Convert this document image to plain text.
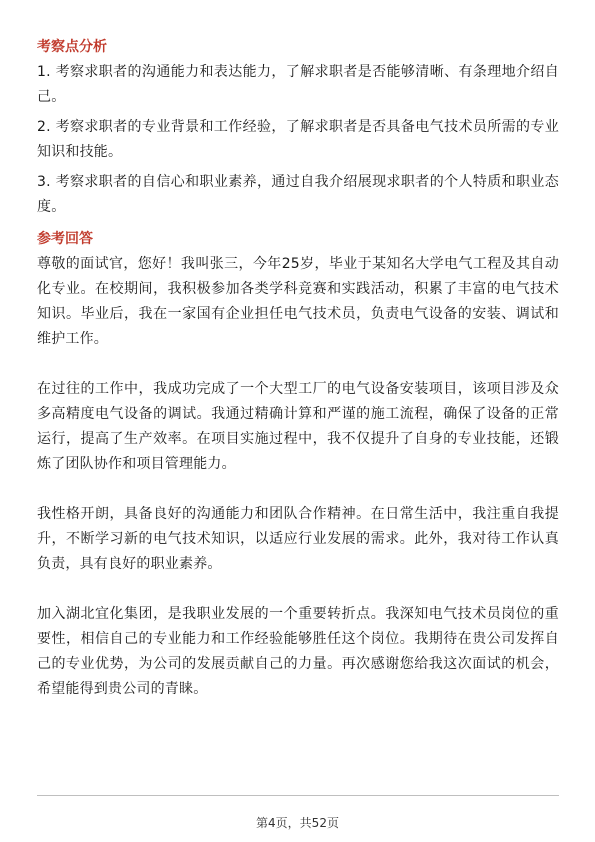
考察点分析

1. 考察求职者的沟通能力和表达能力，了解求职者是否能够清晰、有条理地介绍自己。

2. 考察求职者的专业背景和工作经验，了解求职者是否具备电气技术员所需的专业知识和技能。

3. 考察求职者的自信心和职业素养，通过自我介绍展现求职者的个人特质和职业态度。

参考回答

尊敬的面试官，您好！我叫张三，今年25岁，毕业于某知名大学电气工程及其自动化专业。在校期间，我积极参加各类学科竞赛和实践活动，积累了丰富的电气技术知识。毕业后，我在一家国有企业担任电气技术员，负责电气设备的安装、调试和维护工作。

在过往的工作中，我成功完成了一个大型工厂的电气设备安装项目，该项目涉及众多高精度电气设备的调试。我通过精确计算和严谨的施工流程，确保了设备的正常运行，提高了生产效率。在项目实施过程中，我不仅提升了自身的专业技能，还锻炼了团队协作和项目管理能力。

我性格开朗，具备良好的沟通能力和团队合作精神。在日常生活中，我注重自我提升，不断学习新的电气技术知识，以适应行业发展的需求。此外，我对待工作认真负责，具有良好的职业素养。

加入湖北宜化集团，是我职业发展的一个重要转折点。我深知电气技术员岗位的重要性，相信自己的专业能力和工作经验能够胜任这个岗位。我期待在贵公司发挥自己的专业优势，为公司的发展贡献自己的力量。再次感谢您给我这次面试的机会，希望能得到贵公司的青睐。

第4页，共52页
